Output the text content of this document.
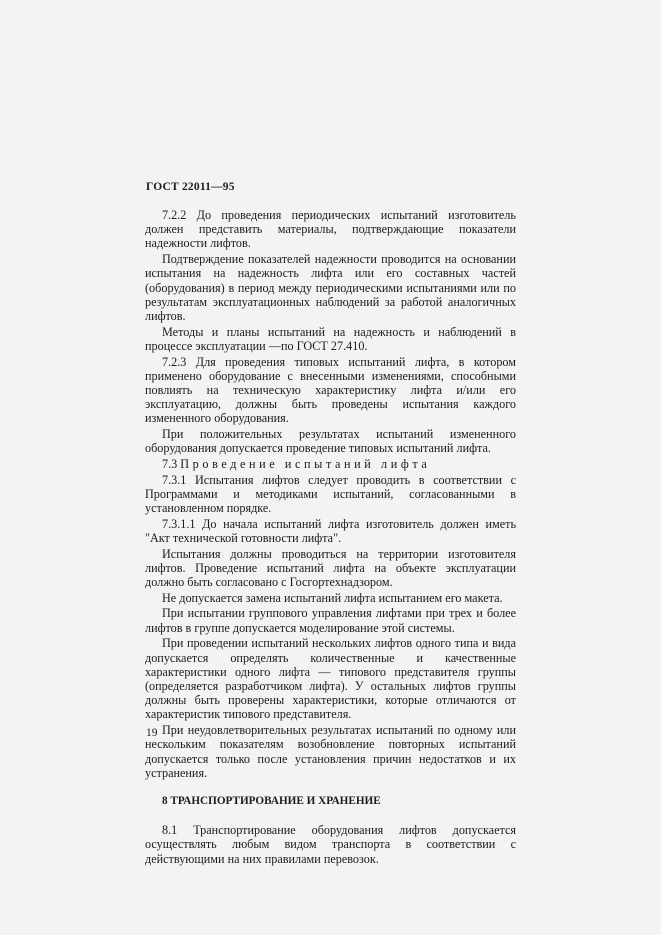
ГОСТ 22011—95

7.2.2 До проведения периодических испытаний изготовитель должен представить материалы, подтверждающие показатели надежности лифтов.

Подтверждение показателей надежности проводится на основании испытания на надежность лифта или его составных частей (оборудования) в период между периодическими испытаниями или по результатам эксплуатационных наблюдений за работой аналогичных лифтов.

Методы и планы испытаний на надежность и наблюдений в процессе эксплуатации —по ГОСТ 27.410.

7.2.3 Для проведения типовых испытаний лифта, в котором применено оборудование с внесенными изменениями, способными повлиять на техническую характеристику лифта и/или его эксплуатацию, должны быть проведены испытания каждого измененного оборудования.

При положительных результатах испытаний измененного оборудования допускается проведение типовых испытаний лифта.

7.3 Проведение испытаний лифта

7.3.1 Испытания лифтов следует проводить в соответствии с Программами и методиками испытаний, согласованными в установленном порядке.

7.3.1.1 До начала испытаний лифта изготовитель должен иметь "Акт технической готовности лифта".

Испытания должны проводиться на территории изготовителя лифтов. Проведение испытаний лифта на объекте эксплуатации должно быть согласовано с Госгортехнадзором.

Не допускается замена испытаний лифта испытанием его макета.

При испытании группового управления лифтами при трех и более лифтов в группе допускается моделирование этой системы.

При проведении испытаний нескольких лифтов одного типа и вида допускается определять количественные и качественные характеристики одного лифта — типового представителя группы (определяется разработчиком лифта). У остальных лифтов группы должны быть проверены характеристики, которые отличаются от характеристик типового представителя.

При неудовлетворительных результатах испытаний по одному или нескольким показателям возобновление повторных испытаний допускается только после установления причин недостатков и их устранения.

8 ТРАНСПОРТИРОВАНИЕ И ХРАНЕНИЕ

8.1 Транспортирование оборудования лифтов допускается осуществлять любым видом транспорта в соответствии с действующими на них правилами перевозок.

19
